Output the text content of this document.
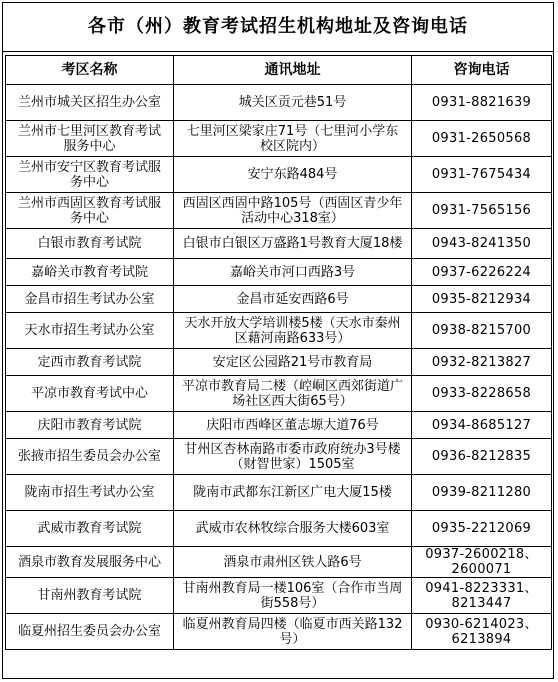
各市（州）教育考试招生机构地址及咨询电话
考区名称	通讯地址	咨询电话
兰州市城关区招生办公室	城关区贡元巷51号	0931-8821639
兰州市七里河区教育考试服务中心	七里河区梁家庄71号（七里河小学东校区院内）	0931-2650568
兰州市安宁区教育考试服务中心	安宁东路484号	0931-7675434
兰州市西固区教育考试服务中心	西固区西固中路105号（西固区青少年活动中心318室）	0931-7565156
白银市教育考试院	白银市白银区万盛路1号教育大厦18楼	0943-8241350
嘉峪关市教育考试院	嘉峪关市河口西路3号	0937-6226224
金昌市招生考试办公室	金昌市延安西路6号	0935-8212934
天水市招生考试办公室	天水开放大学培训楼5楼（天水市秦州区藉河南路633号）	0938-8215700
定西市教育考试院	安定区公园路21号市教育局	0932-8213827
平凉市教育考试中心	平凉市教育局二楼（崆峒区西郊街道广场社区西大街65号）	0933-8228658
庆阳市教育考试院	庆阳市西峰区董志塬大道76号	0934-8685127
张掖市招生委员会办公室	甘州区杏林南路市委市政府统办3号楼（财智世家）1505室	0936-8212835
陇南市招生考试办公室	陇南市武都东江新区广电大厦15楼	0939-8211280
武威市教育考试院	武威市农林牧综合服务大楼603室	0935-2212069
酒泉市教育发展服务中心	酒泉市肃州区铁人路6号	0937-2600218、2600071
甘南州教育考试院	甘南州教育局一楼106室（合作市当周街558号）	0941-8223331、8213447
临夏州招生委员会办公室	临夏州教育局四楼（临夏市西关路132号）	0930-6214023、6213894
